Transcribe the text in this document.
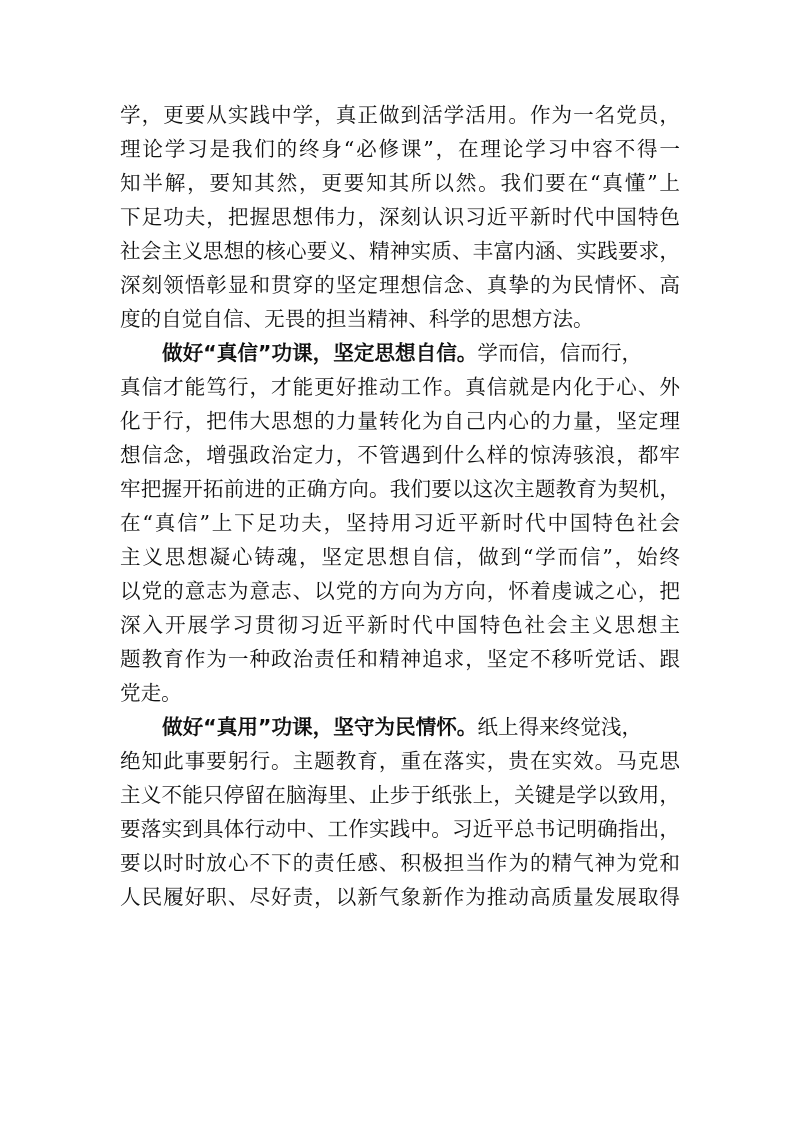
学，更要从实践中学，真正做到活学活用。作为一名党员，
理论学习是我们的终身“必修课”，在理论学习中容不得一
知半解，要知其然，更要知其所以然。我们要在“真懂”上
下足功夫，把握思想伟力，深刻认识习近平新时代中国特色
社会主义思想的核心要义、精神实质、丰富内涵、实践要求，
深刻领悟彰显和贯穿的坚定理想信念、真挚的为民情怀、高
度的自觉自信、无畏的担当精神、科学的思想方法。
做好“真信”功课，坚定思想自信。学而信，信而行，
真信才能笃行，才能更好推动工作。真信就是内化于心、外
化于行，把伟大思想的力量转化为自己内心的力量，坚定理
想信念，增强政治定力，不管遇到什么样的惊涛骇浪，都牢
牢把握开拓前进的正确方向。我们要以这次主题教育为契机，
在“真信”上下足功夫，坚持用习近平新时代中国特色社会
主义思想凝心铸魂，坚定思想自信，做到“学而信”，始终
以党的意志为意志、以党的方向为方向，怀着虔诚之心，把
深入开展学习贯彻习近平新时代中国特色社会主义思想主
题教育作为一种政治责任和精神追求，坚定不移听党话、跟
党走。
做好“真用”功课，坚守为民情怀。纸上得来终觉浅，
绝知此事要躬行。主题教育，重在落实，贵在实效。马克思
主义不能只停留在脑海里、止步于纸张上，关键是学以致用，
要落实到具体行动中、工作实践中。习近平总书记明确指出，
要以时时放心不下的责任感、积极担当作为的精气神为党和
人民履好职、尽好责，以新气象新作为推动高质量发展取得
